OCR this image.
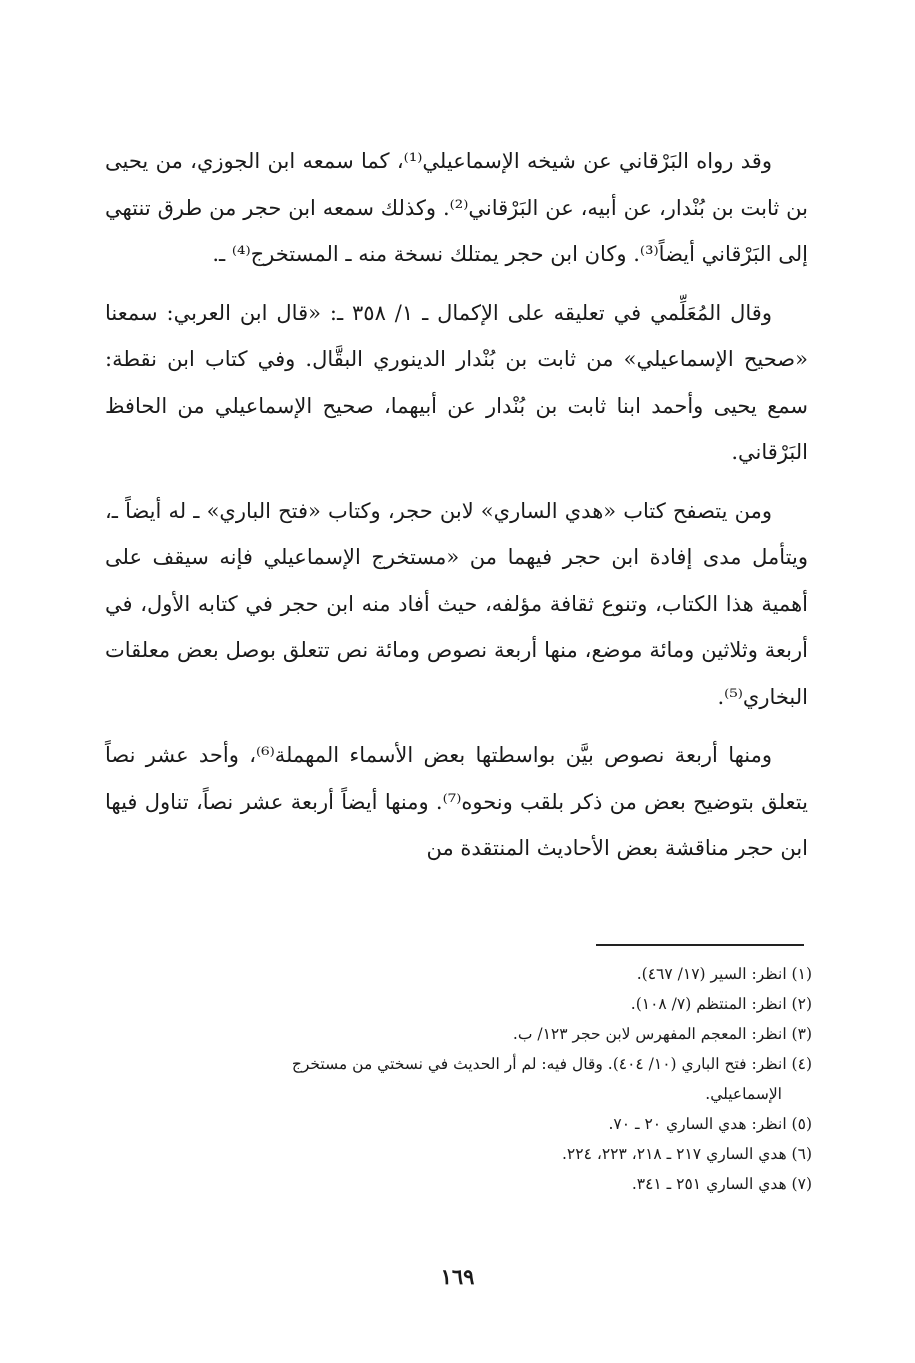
وقد رواه البَرْقاني عن شيخه الإسماعيلي⁽¹⁾، كما سمعه ابن الجوزي، من يحيى بن ثابت بن بُنْدار، عن أبيه، عن البَرْقاني⁽²⁾. وكذلك سمعه ابن حجر من طرق تنتهي إلى البَرْقاني أيضاً⁽³⁾. وكان ابن حجر يمتلك نسخة منه ـ المستخرج⁽⁴⁾ ـ.

وقال المُعَلِّمي في تعليقه على الإكمال ـ ١/ ٣٥٨ ـ: «قال ابن العربي: سمعنا «صحيح الإسماعيلي» من ثابت بن بُنْدار الدينوري البقَّال. وفي كتاب ابن نقطة: سمع يحيى وأحمد ابنا ثابت بن بُنْدار عن أبيهما، صحيح الإسماعيلي من الحافظ البَرْقاني.

ومن يتصفح كتاب «هدي الساري» لابن حجر، وكتاب «فتح الباري» ـ له أيضاً ـ، ويتأمل مدى إفادة ابن حجر فيهما من «مستخرج الإسماعيلي فإنه سيقف على أهمية هذا الكتاب، وتنوع ثقافة مؤلفه، حيث أفاد منه ابن حجر في كتابه الأول، في أربعة وثلاثين ومائة موضع، منها أربعة نصوص ومائة نص تتعلق بوصل بعض معلقات البخاري⁽⁵⁾.

ومنها أربعة نصوص بيَّن بواسطتها بعض الأسماء المهملة⁽⁶⁾، وأحد عشر نصاً يتعلق بتوضيح بعض من ذكر بلقب ونحوه⁽⁷⁾. ومنها أيضاً أربعة عشر نصاً، تناول فيها ابن حجر مناقشة بعض الأحاديث المنتقدة من

(١) انظر: السير (١٧/ ٤٦٧).
(٢) انظر: المنتظم (٧/ ١٠٨).
(٣) انظر: المعجم المفهرس لابن حجر ١٢٣/ ب.
(٤) انظر: فتح الباري (١٠/ ٤٠٤). وقال فيه: لم أر الحديث في نسختي من مستخرج
الإسماعيلي.
(٥) انظر: هدي الساري ٢٠ ـ ٧٠.
(٦) هدي الساري ٢١٧ ـ ٢١٨، ٢٢٣، ٢٢٤.
(٧) هدي الساري ٢٥١ ـ ٣٤١.
١٦٩
